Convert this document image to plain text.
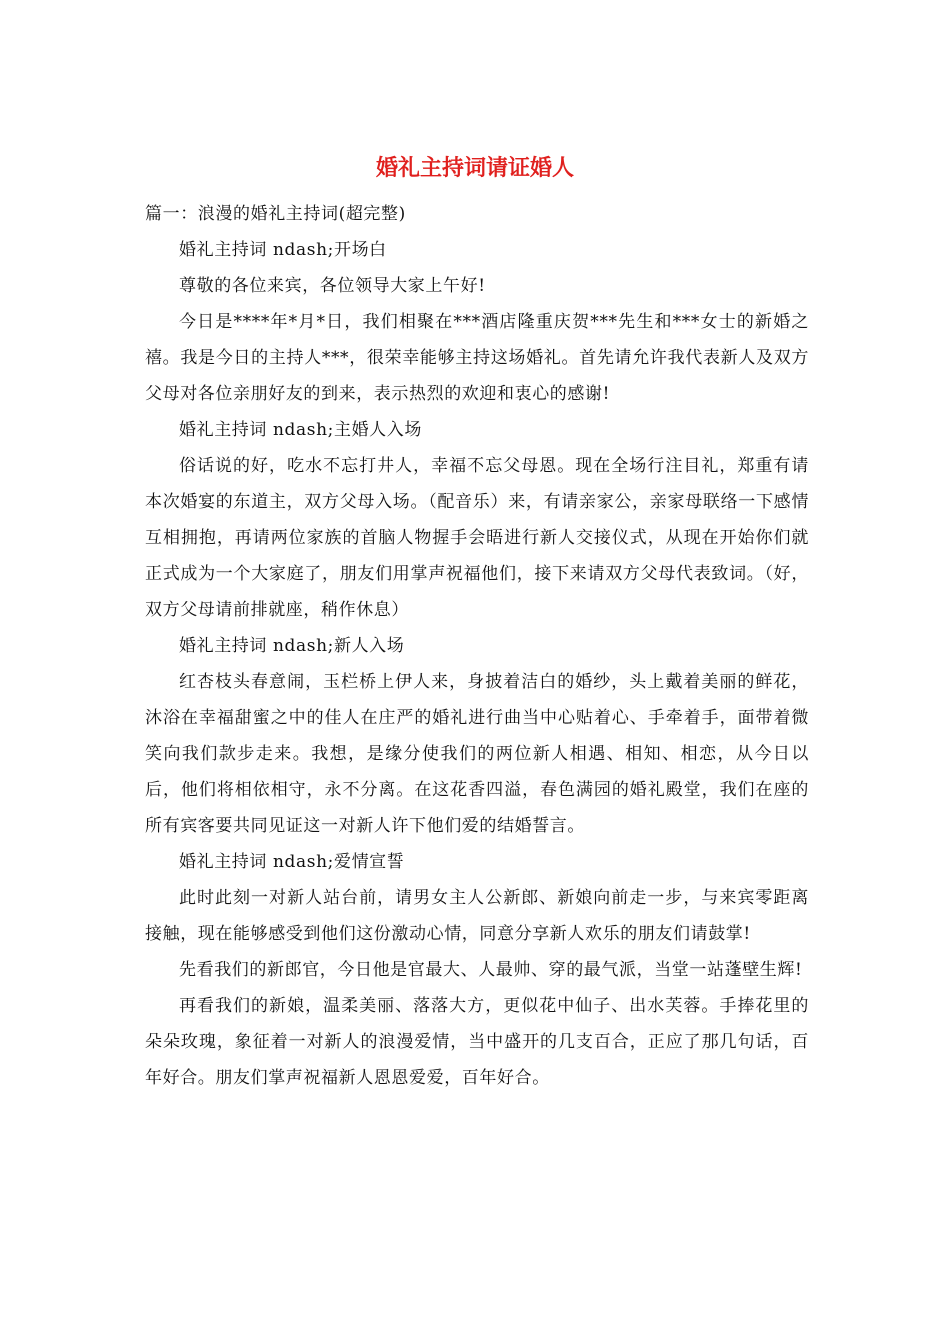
婚礼主持词请证婚人

篇一：浪漫的婚礼主持词(超完整)

婚礼主持词 ndash;开场白

尊敬的各位来宾，各位领导大家上午好!

今日是****年*月*日，我们相聚在***酒店隆重庆贺***先生和***女士的新婚之禧。我是今日的主持人***，很荣幸能够主持这场婚礼。首先请允许我代表新人及双方父母对各位亲朋好友的到来，表示热烈的欢迎和衷心的感谢!

婚礼主持词 ndash;主婚人入场

俗话说的好，吃水不忘打井人，幸福不忘父母恩。现在全场行注目礼，郑重有请本次婚宴的东道主，双方父母入场。（配音乐）来，有请亲家公，亲家母联络一下感情互相拥抱，再请两位家族的首脑人物握手会晤进行新人交接仪式，从现在开始你们就正式成为一个大家庭了，朋友们用掌声祝福他们，接下来请双方父母代表致词。（好，双方父母请前排就座，稍作休息）

婚礼主持词 ndash;新人入场

红杏枝头春意闹，玉栏桥上伊人来，身披着洁白的婚纱，头上戴着美丽的鲜花，沐浴在幸福甜蜜之中的佳人在庄严的婚礼进行曲当中心贴着心、手牵着手，面带着微笑向我们款步走来。我想，是缘分使我们的两位新人相遇、相知、相恋，从今日以后，他们将相依相守，永不分离。在这花香四溢，春色满园的婚礼殿堂，我们在座的所有宾客要共同见证这一对新人许下他们爱的结婚誓言。

婚礼主持词 ndash;爱情宣誓

此时此刻一对新人站台前，请男女主人公新郎、新娘向前走一步，与来宾零距离接触，现在能够感受到他们这份激动心情，同意分享新人欢乐的朋友们请鼓掌!

先看我们的新郎官，今日他是官最大、人最帅、穿的最气派，当堂一站蓬壁生辉!

再看我们的新娘，温柔美丽、落落大方，更似花中仙子、出水芙蓉。手捧花里的朵朵玫瑰，象征着一对新人的浪漫爱情，当中盛开的几支百合，正应了那几句话，百年好合。朋友们掌声祝福新人恩恩爱爱，百年好合。
